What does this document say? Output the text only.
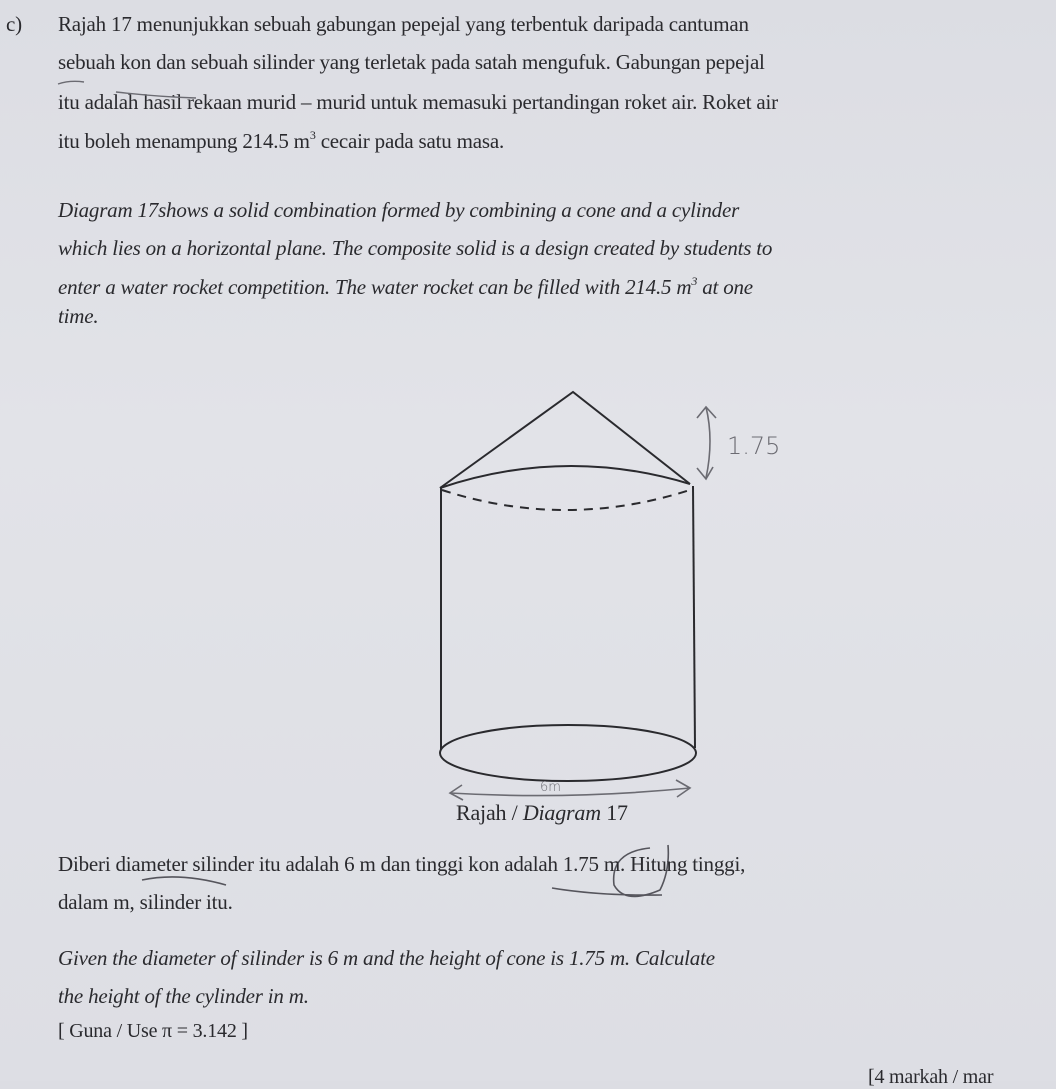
c) Rajah 17 menunjukkan sebuah gabungan pepejal yang terbentuk daripada cantuman
sebuah kon dan sebuah silinder yang terletak pada satah mengufuk. Gabungan pepejal
itu adalah hasil rekaan murid – murid untuk memasuki pertandingan roket air. Roket air
itu boleh menampung 214.5 $m^3$ cecair pada satu masa.
Diagram 17shows a solid combination formed by combining a cone and a cylinder
which lies on a horizontal plane. The composite solid is a design created by students to
enter a water rocket competition. The water rocket can be filled with 214.5 $m^3$ at one
time.
1.75
6m
Rajah / Diagram 17
Diberi diameter silinder itu adalah 6 m dan tinggi kon adalah 1.75 m. Hitung tinggi,
dalam m, silinder itu.
Given the diameter of silinder is 6 m and the height of cone is 1.75 m. Calculate
the height of the cylinder in m.
[ Guna / Use π = 3.142 ]
[4 markah / mar
